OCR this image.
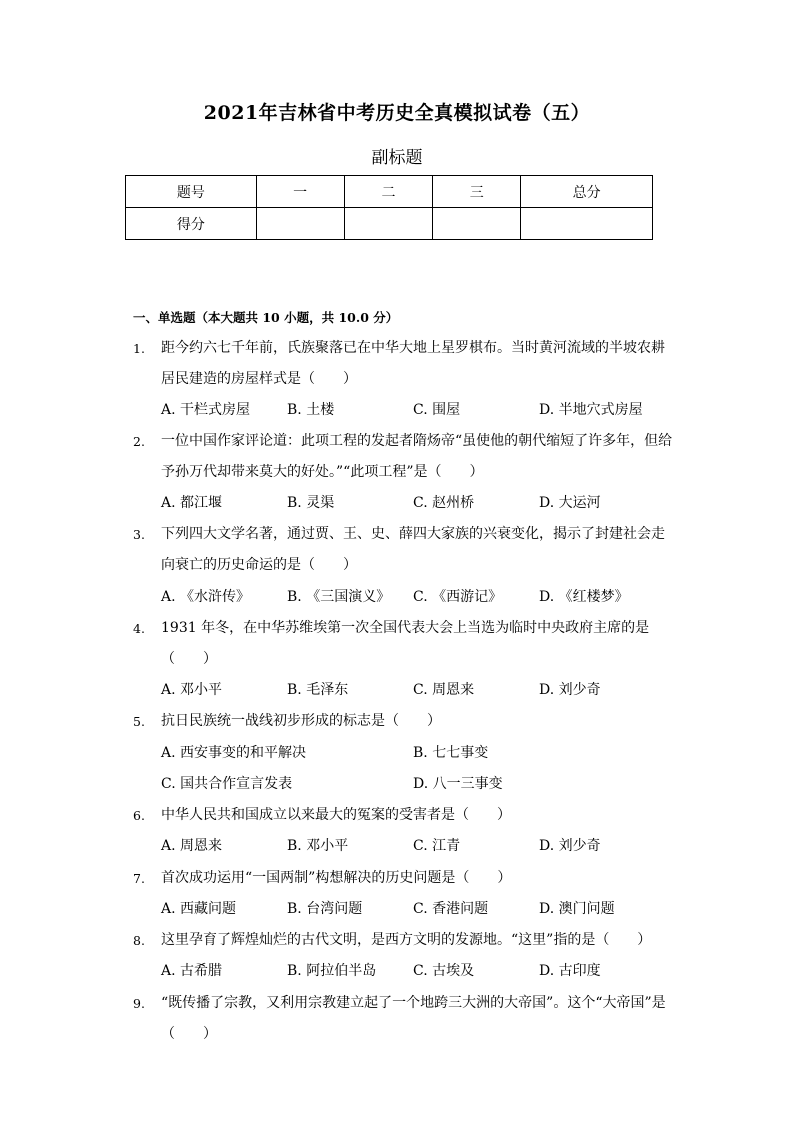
2021年吉林省中考历史全真模拟试卷（五）
副标题
题号	一	二	三	总分
得分				
一、单选题（本大题共 10 小题，共 10.0 分）
1.	距今约六七千年前，氏族聚落已在中华大地上星罗棋布。当时黄河流域的半坡农耕居民建造的房屋样式是（　　）
A. 干栏式房屋	B. 土楼	C. 围屋	D. 半地穴式房屋
2.	一位中国作家评论道：此项工程的发起者隋炀帝“虽使他的朝代缩短了许多年，但给予孙万代却带来莫大的好处。”“此项工程”是（　　）
A. 都江堰	B. 灵渠	C. 赵州桥	D. 大运河
3.	下列四大文学名著，通过贾、王、史、薛四大家族的兴衰变化，揭示了封建社会走向衰亡的历史命运的是（　　）
A. 《水浒传》	B. 《三国演义》 C. 《西游记》	D. 《红楼梦》
4.	1931 年冬，在中华苏维埃第一次全国代表大会上当选为临时中央政府主席的是（　　）
A. 邓小平	B. 毛泽东	C. 周恩来	D. 刘少奇
5.	抗日民族统一战线初步形成的标志是（　　）
A. 西安事变的和平解决	B. 七七事变
C. 国共合作宣言发表	D. 八一三事变
6.	中华人民共和国成立以来最大的冤案的受害者是（　　）
A. 周恩来	B. 邓小平	C. 江青	D. 刘少奇
7.	首次成功运用“一国两制”构想解决的历史问题是（　　）
A. 西藏问题	B. 台湾问题	C. 香港问题	D. 澳门问题
8.	这里孕育了辉煌灿烂的古代文明，是西方文明的发源地。“这里”指的是（　　）
A. 古希腊	B. 阿拉伯半岛	C. 古埃及	D. 古印度
9.	“既传播了宗教，又利用宗教建立起了一个地跨三大洲的大帝国”。这个“大帝国”是（　　）
